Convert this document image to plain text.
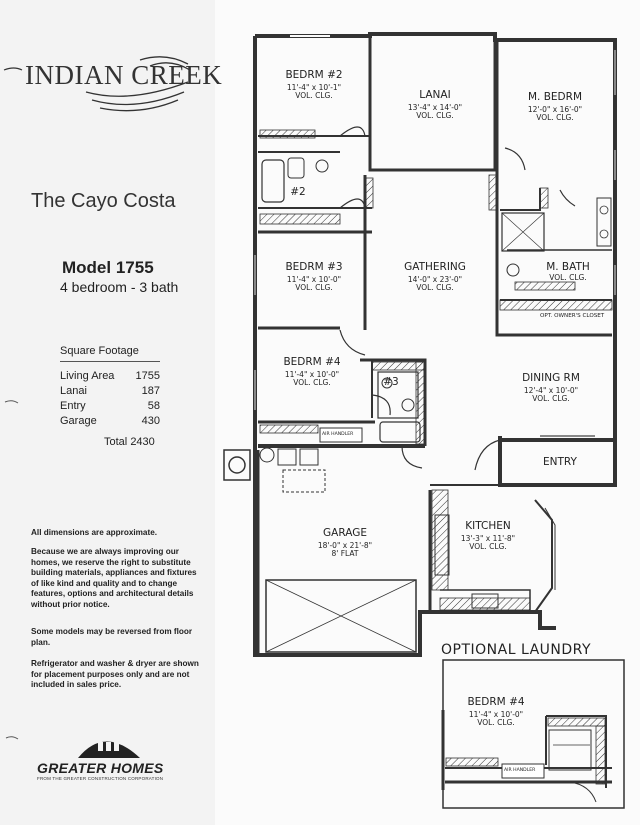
INDIAN CREEK
The Cayo Costa
Model 1755
4 bedroom - 3 bath
Square Footage
Living Area 1755
Lanai	187
Entry	58
Garage	430
Total 2430
All dimensions are approximate.
Because we are always improving our homes, we reserve the right to substitute building materials, appliances and fixtures of like kind and quality and to change features, options and architectural details without prior notice.
Some models may be reversed from floor plan.
Refrigerator and washer & dryer are shown for placement purposes only and are not included in sales price.
GREATER HOMES
FROM THE GREATER CONSTRUCTION CORPORATION
BEDRM #2
11'-4" x 10'-1"
VOL. CLG.	LANAI
13'-4" x 14'-0"
VOL. CLG.
M. BEDRM
12'-0" x 16'-0"
VOL. CLG.
#2
BEDRM #3
11'-4" x 10'-0"
VOL. CLG.
GATHERING
14'-0" x 23'-0"
VOL. CLG.
M. BATH
VOL. CLG.
OPT. OWNER'S CLOSET
BEDRM #4
11'-4" x 10'-0"
VOL. CLG.	#3	DINING RM
12'-4" x 10'-0"
VOL. CLG.
AIR HANDLER
ENTRY
GARAGE
18'-0" x 21'-8"
8' FLAT
KITCHEN
13'-3" x 11'-8"
VOL. CLG.
OPTIONAL LAUNDRY
BEDRM #4
11'-4" x 10'-0"
VOL. CLG.
AIR HANDLER
